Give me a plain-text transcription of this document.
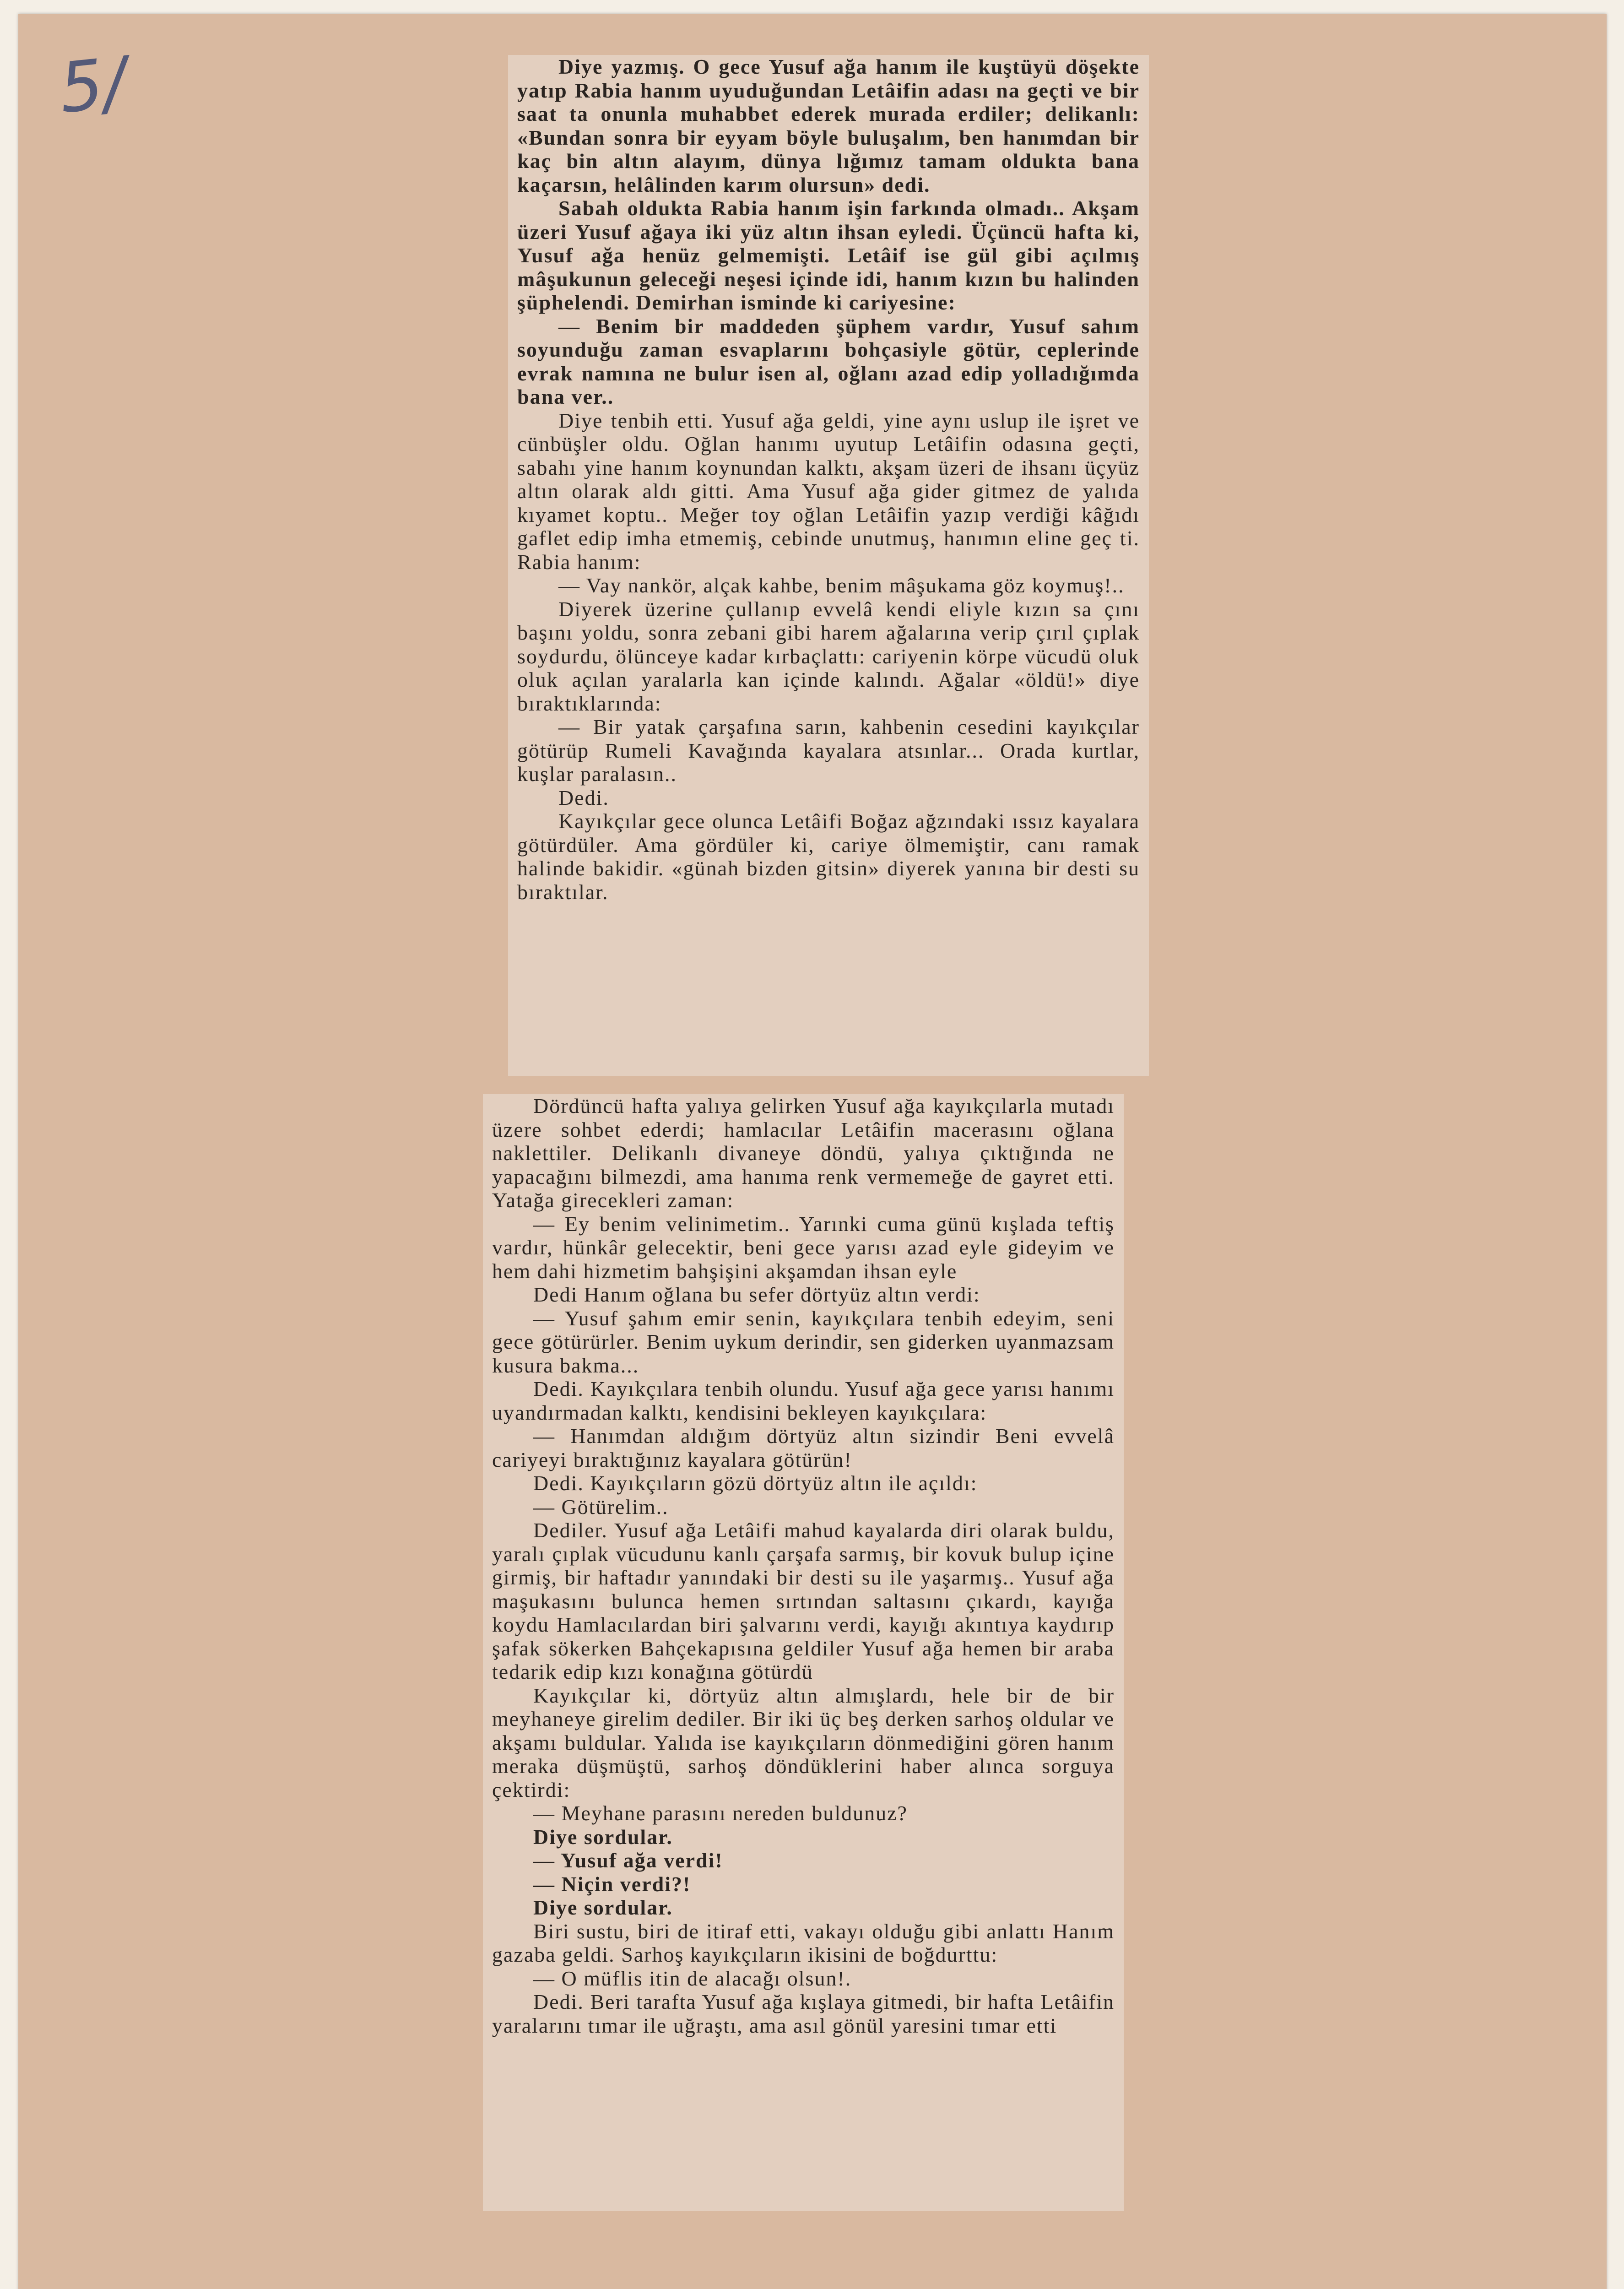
5/	Diye yazmış. O gece Yusuf ağa hanım ile kuştüyü döşekte yatıp Rabia hanım uyuduğundan Letâifin adası na geçti ve bir saat ta onunla muhabbet ederek murada erdiler; delikanlı: «Bundan sonra bir eyyam böyle buluşalım, ben hanımdan bir kaç bin altın alayım, dünya lığımız tamam oldukta bana kaçarsın, helâlinden karım olursun» dedi.

Sabah oldukta Rabia hanım işin farkında olmadı.. Akşam üzeri Yusuf ağaya iki yüz altın ihsan eyledi. Üçüncü hafta ki, Yusuf ağa henüz gelmemişti. Letâif ise gül gibi açılmış mâşukunun geleceği neşesi içinde idi, hanım kızın bu halinden şüphelendi. Demirhan isminde ki cariyesine:

— Benim bir maddeden şüphem vardır, Yusuf sahım soyunduğu zaman esvaplarını bohçasiyle götür, ceplerinde evrak namına ne bulur isen al, oğlanı azad edip yolladığımda bana ver..

Diye tenbih etti. Yusuf ağa geldi, yine aynı uslup ile işret ve cünbüşler oldu. Oğlan hanımı uyutup Letâifin odasına geçti, sabahı yine hanım koynundan kalktı, akşam üzeri de ihsanı üçyüz altın olarak aldı gitti. Ama Yusuf ağa gider gitmez de yalıda kıyamet koptu.. Meğer toy oğlan Letâifin yazıp verdiği kâğıdı gaflet edip imha etmemiş, cebinde unutmuş, hanımın eline geç ti. Rabia hanım:

— Vay nankör, alçak kahbe, benim mâşukama göz koymuş!..

Diyerek üzerine çullanıp evvelâ kendi eliyle kızın sa çını başını yoldu, sonra zebani gibi harem ağalarına verip çırıl çıplak soydurdu, ölünceye kadar kırbaçlattı: cariyenin körpe vücudü oluk oluk açılan yaralarla kan içinde kalındı. Ağalar «öldü!» diye bıraktıklarında:

— Bir yatak çarşafına sarın, kahbenin cesedini kayıkçılar götürüp Rumeli Kavağında kayalara atsınlar... Orada kurtlar, kuşlar paralasın..

Dedi.

Kayıkçılar gece olunca Letâifi Boğaz ağzındaki ıssız kayalara götürdüler. Ama gördüler ki, cariye ölmemiştir, canı ramak halinde bakidir. «günah bizden gitsin» diyerek yanına bir desti su bıraktılar.

Dördüncü hafta yalıya gelirken Yusuf ağa kayıkçılarla mutadı üzere sohbet ederdi; hamlacılar Letâifin macerasını oğlana naklettiler. Delikanlı divaneye döndü, yalıya çıktığında ne yapacağını bilmezdi, ama hanıma renk vermemeğe de gayret etti. Yatağa girecekleri zaman:

— Ey benim velinimetim.. Yarınki cuma günü kışlada teftiş vardır, hünkâr gelecektir, beni gece yarısı azad eyle gideyim ve hem dahi hizmetim bahşişini akşamdan ihsan eyle

Dedi Hanım oğlana bu sefer dörtyüz altın verdi:

— Yusuf şahım emir senin, kayıkçılara tenbih edeyim, seni gece götürürler. Benim uykum derindir, sen giderken uyanmazsam kusura bakma...

Dedi. Kayıkçılara tenbih olundu. Yusuf ağa gece yarısı hanımı uyandırmadan kalktı, kendisini bekleyen kayıkçılara:

— Hanımdan aldığım dörtyüz altın sizindir Beni evvelâ cariyeyi bıraktığınız kayalara götürün!

Dedi. Kayıkçıların gözü dörtyüz altın ile açıldı:

— Götürelim..

Dediler. Yusuf ağa Letâifi mahud kayalarda diri olarak buldu, yaralı çıplak vücudunu kanlı çarşafa sarmış, bir kovuk bulup içine girmiş, bir haftadır yanındaki bir desti su ile yaşarmış.. Yusuf ağa maşukasını bulunca hemen sırtından saltasını çıkardı, kayığa koydu Hamlacılardan biri şalvarını verdi, kayığı akıntıya kaydırıp şafak sökerken Bahçekapısına geldiler Yusuf ağa hemen bir araba tedarik edip kızı konağına götürdü

Kayıkçılar ki, dörtyüz altın almışlardı, hele bir de bir meyhaneye girelim dediler. Bir iki üç beş derken sarhoş oldular ve akşamı buldular. Yalıda ise kayıkçıların dönmediğini gören hanım meraka düşmüştü, sarhoş döndüklerini haber alınca sorguya çektirdi:

— Meyhane parasını nereden buldunuz?

Diye sordular.

— Yusuf ağa verdi!

— Niçin verdi?!

Diye sordular.

Biri sustu, biri de itiraf etti, vakayı olduğu gibi anlattı Hanım gazaba geldi. Sarhoş kayıkçıların ikisini de boğdurttu:

— O müflis itin de alacağı olsun!.

Dedi. Beri tarafta Yusuf ağa kışlaya gitmedi, bir hafta Letâifin yaralarını tımar ile uğraştı, ama asıl gönül yaresini tımar etti
